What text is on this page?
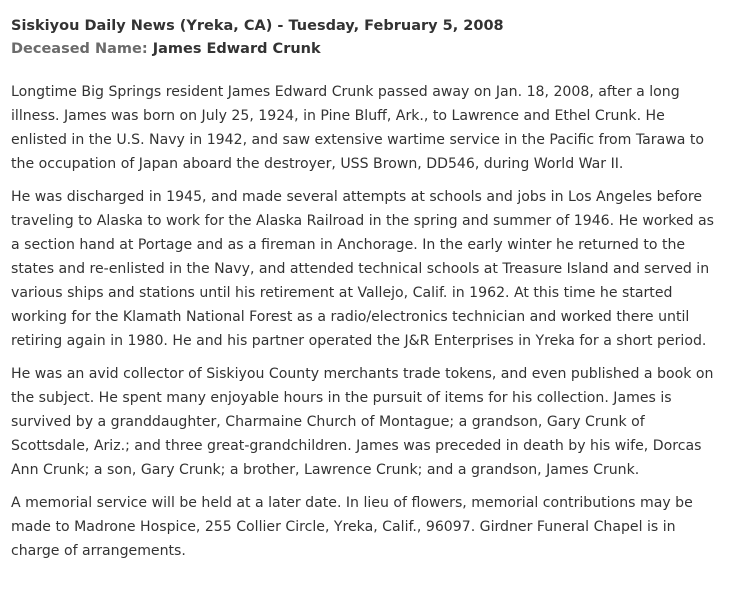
Siskiyou Daily News (Yreka, CA) - Tuesday, February 5, 2008
Deceased Name: James Edward Crunk

Longtime Big Springs resident James Edward Crunk passed away on Jan. 18, 2008, after a long illness. James was born on July 25, 1924, in Pine Bluff, Ark., to Lawrence and Ethel Crunk. He enlisted in the U.S. Navy in 1942, and saw extensive wartime service in the Pacific from Tarawa to the occupation of Japan aboard the destroyer, USS Brown, DD546, during World War II.

He was discharged in 1945, and made several attempts at schools and jobs in Los Angeles before traveling to Alaska to work for the Alaska Railroad in the spring and summer of 1946. He worked as a section hand at Portage and as a fireman in Anchorage. In the early winter he returned to the states and re-enlisted in the Navy, and attended technical schools at Treasure Island and served in various ships and stations until his retirement at Vallejo, Calif. in 1962. At this time he started working for the Klamath National Forest as a radio/electronics technician and worked there until retiring again in 1980. He and his partner operated the J&R Enterprises in Yreka for a short period.

He was an avid collector of Siskiyou County merchants trade tokens, and even published a book on the subject. He spent many enjoyable hours in the pursuit of items for his collection. James is survived by a granddaughter, Charmaine Church of Montague; a grandson, Gary Crunk of Scottsdale, Ariz.; and three great-grandchildren. James was preceded in death by his wife, Dorcas Ann Crunk; a son, Gary Crunk; a brother, Lawrence Crunk; and a grandson, James Crunk.

A memorial service will be held at a later date. In lieu of flowers, memorial contributions may be made to Madrone Hospice, 255 Collier Circle, Yreka, Calif., 96097. Girdner Funeral Chapel is in charge of arrangements.
